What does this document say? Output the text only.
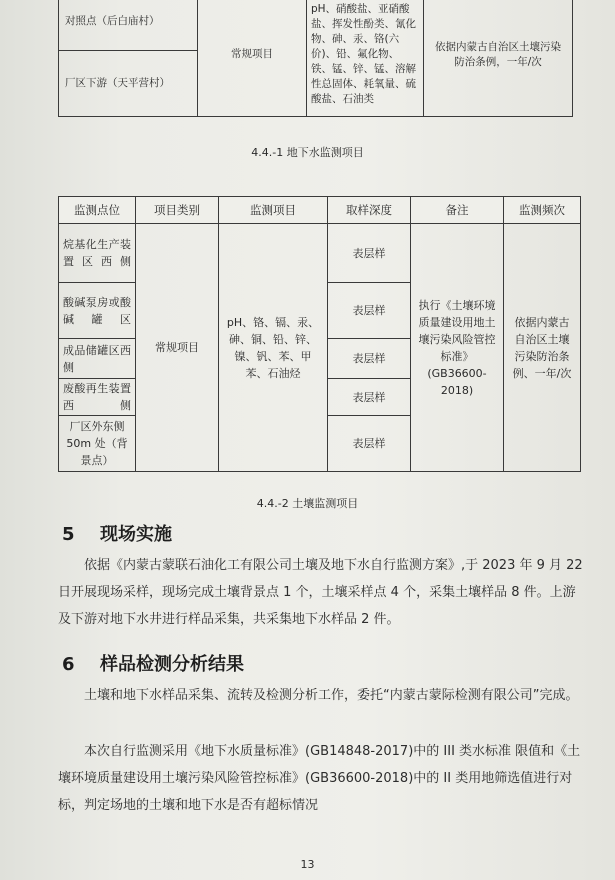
对照点（后白庙村）	常规项目	pH、硝酸盐、亚硝酸盐、挥发性酚类、氰化物、砷、汞、铬(六价)、铅、氟化物、铁、锰、锌、锰、溶解性总固体、耗氧量、硫酸盐、石油类	依据内蒙古自治区土壤污染防治条例，一年/次
厂区下游（天平营村）
4.4.-1 地下水监测项目
监测点位	项目类别	监测项目	取样深度	备注	监测频次
烷基化生产装置区西侧	常规项目	pH、铬、镉、汞、砷、铜、铅、锌、镍、钒、苯、甲苯、石油烃	表层样	执行《土壤环境质量建设用地土壤污染风险管控标准》(GB36600-2018)	依据内蒙古自治区土壤污染防治条例、一年/次
酸碱泵房或酸碱罐区			表层样		
成品储罐区西侧			表层样		
废酸再生装置西侧			表层样		
厂区外东侧 50m 处（背景点）			表层样		
4.4.-2 土壤监测项目
5 现场实施
依据《内蒙古蒙联石油化工有限公司土壤及地下水自行监测方案》,于 2023 年 9 月 22 日开展现场采样，现场完成土壤背景点 1 个，土壤采样点 4 个，采集土壤样品 8 件。上游及下游对地下水井进行样品采集，共采集地下水样品 2 件。
6 样品检测分析结果
土壤和地下水样品采集、流转及检测分析工作，委托“内蒙古蒙际检测有限公司”完成。
本次自行监测采用《地下水质量标准》(GB14848-2017)中的 III 类水标准 限值和《土壤环境质量建设用土壤污染风险管控标准》(GB36600-2018)中的 II 类用地筛选值进行对标，判定场地的土壤和地下水是否有超标情况
13
